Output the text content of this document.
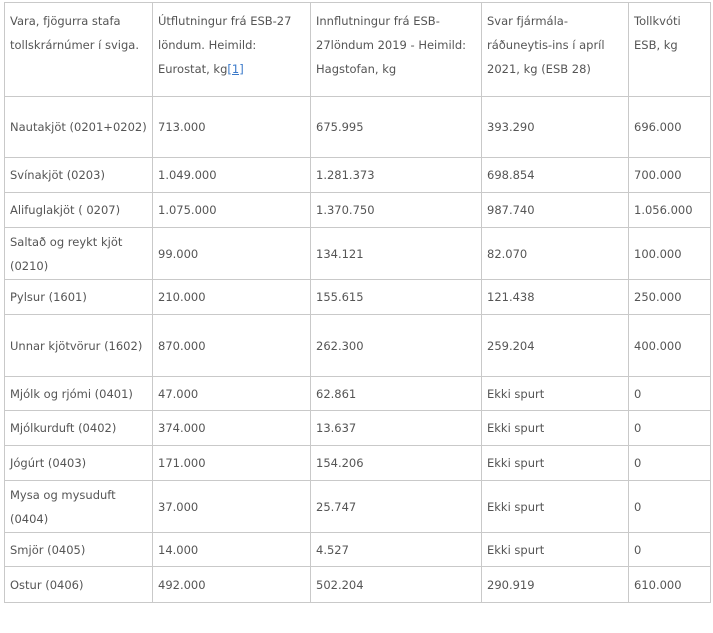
Vara, fjögurra stafa tollskrárnúmer í sviga.	Útflutningur frá ESB-27 löndum. Heimild: Eurostat, kg[1]	Innflutningur frá ESB-27löndum 2019 - Heimild: Hagstofan, kg	Svar fjármála-ráðuneytis-ins í apríl 2021, kg (ESB 28)	Tollkvóti ESB, kg
Nautakjöt (0201+0202)	713.000	675.995	393.290	696.000
Svínakjöt (0203)	1.049.000	1.281.373	698.854	700.000
Alifuglakjöt ( 0207)	1.075.000	1.370.750	987.740	1.056.000
Saltað og reykt kjöt (0210)	99.000	134.121	82.070	100.000
Pylsur (1601)	210.000	155.615	121.438	250.000
Unnar kjötvörur (1602)	870.000	262.300	259.204	400.000
Mjólk og rjómi (0401)	47.000	62.861	Ekki spurt	0
Mjólkurduft (0402)	374.000	13.637	Ekki spurt	0
Jógúrt (0403)	171.000	154.206	Ekki spurt	0
Mysa og mysuduft (0404)	37.000	25.747	Ekki spurt	0
Smjör (0405)	14.000	4.527	Ekki spurt	0
Ostur (0406)	492.000	502.204	290.919	610.000
